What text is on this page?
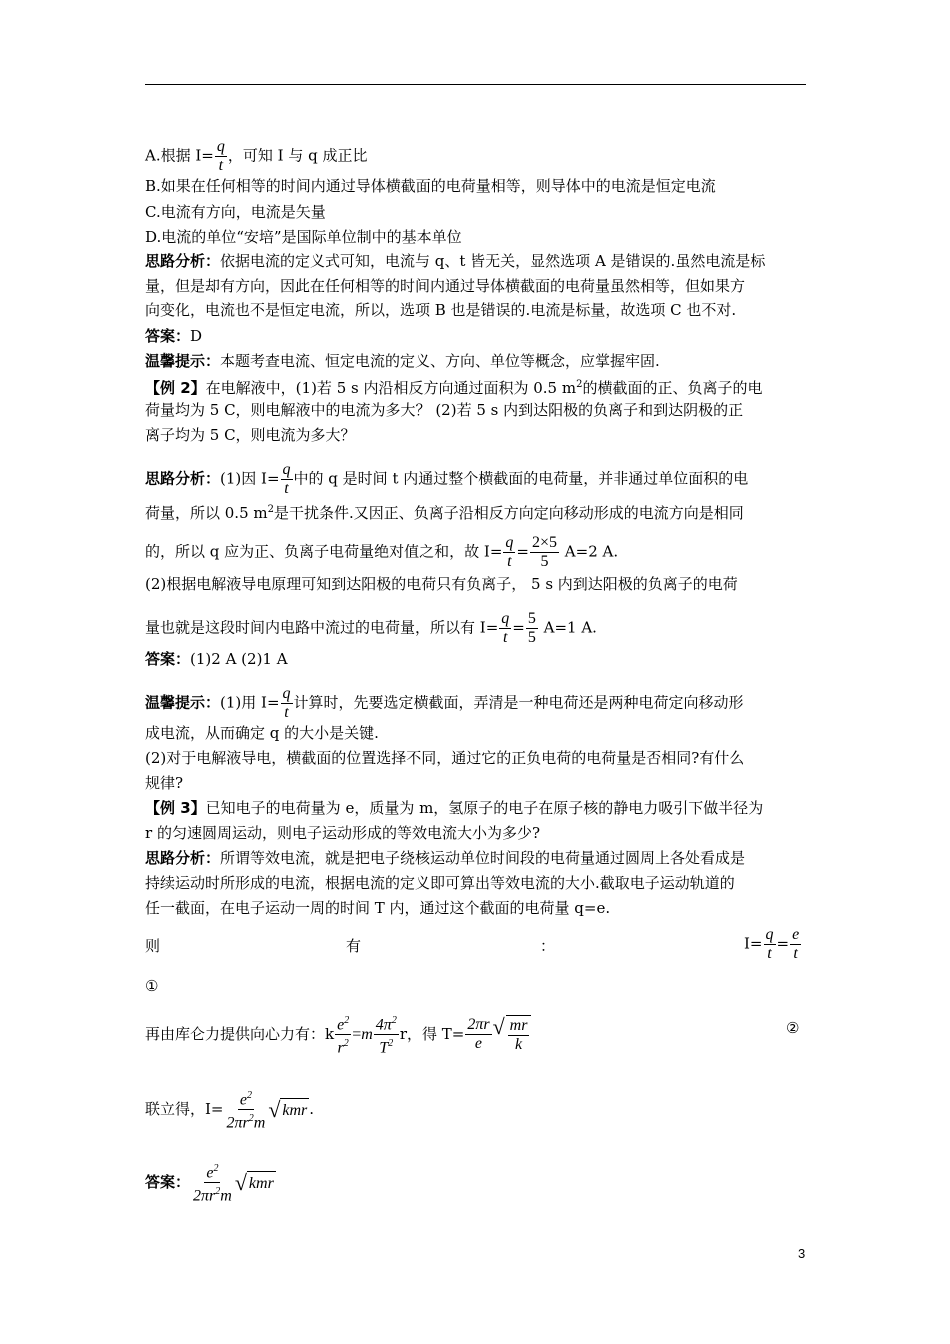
A.根据 $I= \frac{q}{t}$ ，可知 I 与 q 成正比
B.如果在任何相等的时间内通过导体横截面的电荷量相等，则导体中的电流是恒定电流
C.电流有方向，电流是矢量
D.电流的单位“安培”是国际单位制中的基本单位
思路分析：依据电流的定义式可知，电流与 q、t 皆无关，显然选项 A 是错误的.虽然电流是标
量，但是却有方向，因此在任何相等的时间内通过导体横截面的电荷量虽然相等，但如果方
向变化，电流也不是恒定电流，所以，选项 B 也是错误的.电流是标量，故选项 C 也不对.
答案：D
温馨提示：本题考查电流、恒定电流的定义、方向、单位等概念，应掌握牢固.
【例 2】在电解液中，(1)若 5 s 内沿相反方向通过面积为 0.5 $m^2$的横截面的正、负离子的电
荷量均为 5 C，则电解液中的电流为多大？ (2)若 5 s 内到达阳极的负离子和到达阴极的正
离子均为 5 C，则电流为多大？
思路分析：(1)因 $I= \frac{q}{t}$ 中的 q 是时间 t 内通过整个横截面的电荷量，并非通过单位面积的电
荷量，所以 0.5 $m^2$是干扰条件.又因正、负离子沿相反方向定向移动形成的电流方向是相同
的，所以 q 应为正、负离子电荷量绝对值之和，故 $I= \frac{q}{t} = \frac{2\times 5}{5} A=2$ A.
(2)根据电解液导电原理可知到达阳极的电荷只有负离子， 5 s 内到达阳极的负离子的电荷
量也就是这段时间内电路中流过的电荷量，所以有 $I= \frac{q}{t} = \frac{5}{5} A=1$ A.
答案：(1)2 A (2)1 A
温馨提示：(1)用 $I= \frac{q}{t}$ 计算时，先要选定横截面，弄清是一种电荷还是两种电荷定向移动形
成电流，从而确定 q 的大小是关键.
(2)对于电解液导电，横截面的位置选择不同，通过它的正负电荷的电荷量是否相同?有什么
规律?
【例 3】已知电子的电荷量为 e，质量为 m，氢原子的电子在原子核的静电力吸引下做半径为
r 的匀速圆周运动，则电子运动形成的等效电流大小为多少?
思路分析：所谓等效电流，就是把电子绕核运动单位时间段的电荷量通过圆周上各处看成是
持续运动时所形成的电流，根据电流的定义即可算出等效电流的大小.截取电子运动轨道的
任一截面，在电子运动一周的时间 T 内，通过这个截面的电荷量 q=e.
则	有	：	$I= \frac{q}{t} = \frac{e}{t}$
①
再由库仑力提供向心力有：k $\frac{e^2}{r^2} =m \frac{4\pi^2}{T^2}$ r，得 $T= \frac{2\pi r}{e}$ √ $\frac{mr}{k}$	②
联立得，$I= \frac{e^2}{2\pi r^2m}$ √ kmr .
答案： $\frac{e^2}{2\pi r^2m}$ √ kmr
3
